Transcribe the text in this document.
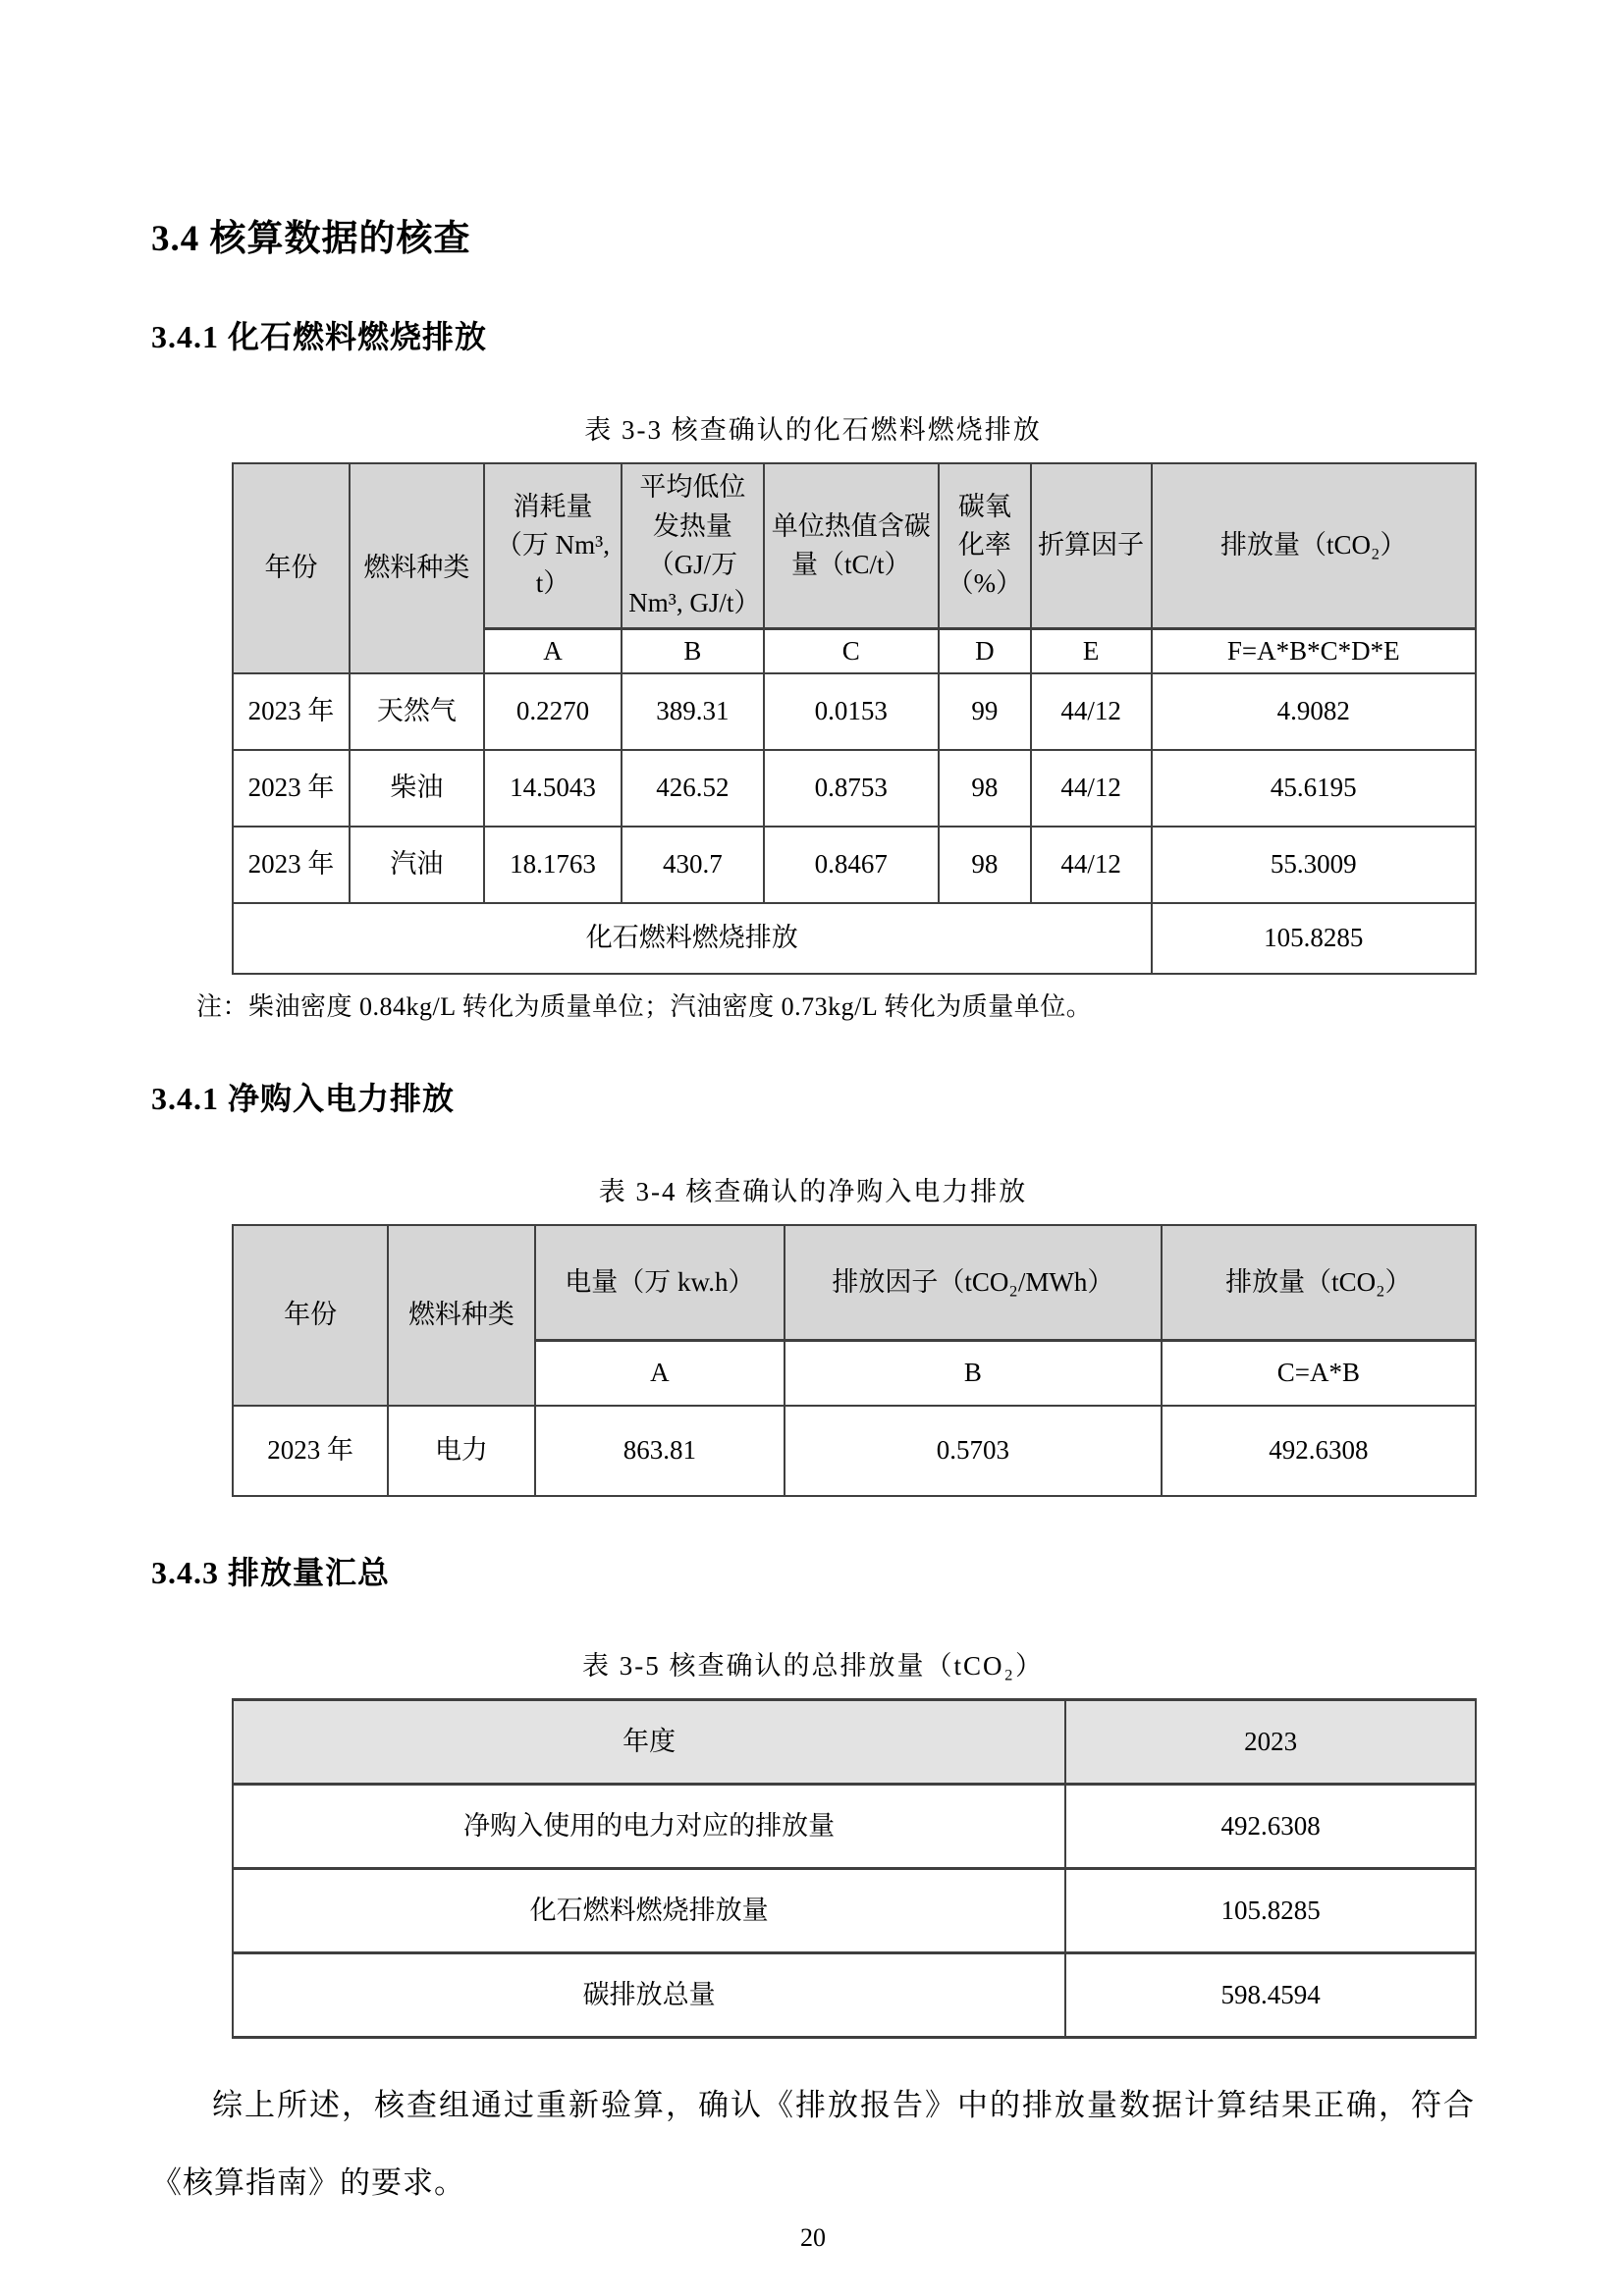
3.4 核算数据的核查
3.4.1 化石燃料燃烧排放
表 3-3 核查确认的化石燃料燃烧排放
年份	燃料种类	消耗量（万 Nm³, t）	平均低位发热量（GJ/万 Nm³, GJ/t）	单位热值含碳量（tC/t）	碳氧化率（%）	折算因子	排放量（tCO₂）
		A	B	C	D	E	F=A*B*C*D*E
2023 年	天然气	0.2270	389.31	0.0153	99	44/12	4.9082
2023 年	柴油	14.5043	426.52	0.8753	98	44/12	45.6195
2023 年	汽油	18.1763	430.7	0.8467	98	44/12	55.3009
化石燃料燃烧排放							105.8285
注：柴油密度 0.84kg/L 转化为质量单位；汽油密度 0.73kg/L 转化为质量单位。
3.4.1 净购入电力排放
表 3-4 核查确认的净购入电力排放
年份	燃料种类	电量（万 kw.h）	排放因子（tCO₂/MWh）	排放量（tCO₂）
		A	B	C=A*B
2023 年	电力	863.81	0.5703	492.6308
3.4.3 排放量汇总
表 3-5 核查确认的总排放量（tCO₂）
年度	2023
净购入使用的电力对应的排放量	492.6308
化石燃料燃烧排放量	105.8285
碳排放总量	598.4594

综上所述，核查组通过重新验算，确认《排放报告》中的排放量数据计算结果正确，符合《核算指南》的要求。

20
